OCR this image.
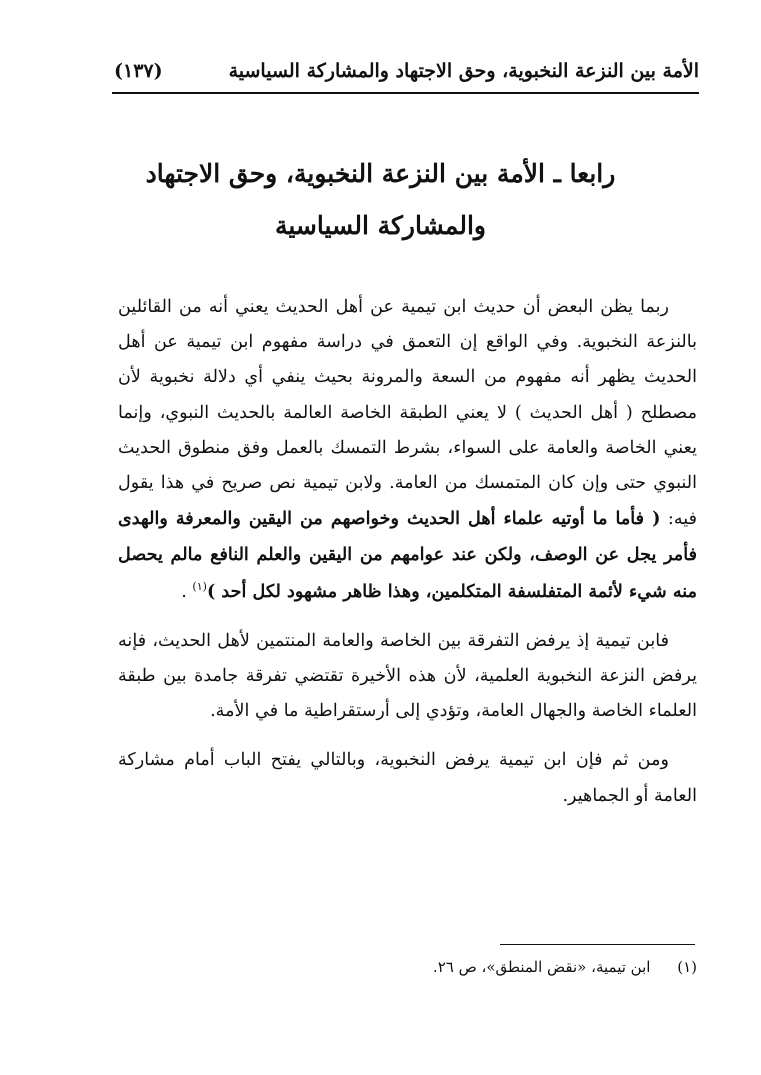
الأمة بين النزعة النخبوية، وحق الاجتهاد والمشاركة السياسية
(١٣٧)
رابعا ـ الأمة بين النزعة النخبوية، وحق الاجتهاد
والمشاركة السياسية

ربما يظن البعض أن حديث ابن تيمية عن أهل الحديث يعني أنه من القائلين بالنزعة النخبوية. وفي الواقع إن التعمق في دراسة مفهوم ابن تيمية عن أهل الحديث يظهر أنه مفهوم من السعة والمرونة بحيث ينفي أي دلالة نخبوية لأن مصطلح ( أهل الحديث ) لا يعني الطبقة الخاصة العالمة بالحديث النبوي، وإنما يعني الخاصة والعامة على السواء، بشرط التمسك بالعمل وفق منطوق الحديث النبوي حتى وإن كان المتمسك من العامة. ولابن تيمية نص صريح في هذا يقول فيه: ( فأما ما أوتيه علماء أهل الحديث وخواصهم من اليقين والمعرفة والهدى فأمر يجل عن الوصف، ولكن عند عوامهم من اليقين والعلم النافع مالم يحصل منه شيء لأئمة المتفلسفة المتكلمين، وهذا ظاهر مشهود لكل أحد )$^{(١)}$ .

فابن تيمية إذ يرفض التفرقة بين الخاصة والعامة المنتمين لأهل الحديث، فإنه يرفض النزعة النخبوية العلمية، لأن هذه الأخيرة تقتضي تفرقة جامدة بين طبقة العلماء الخاصة والجهال العامة، وتؤدي إلى أرستقراطية ما في الأمة.

ومن ثم فإن ابن تيمية يرفض النخبوية، وبالتالي يفتح الباب أمام مشاركة العامة أو الجماهير.

(١) ابن تيمية، «نقض المنطق»، ص ٢٦.
